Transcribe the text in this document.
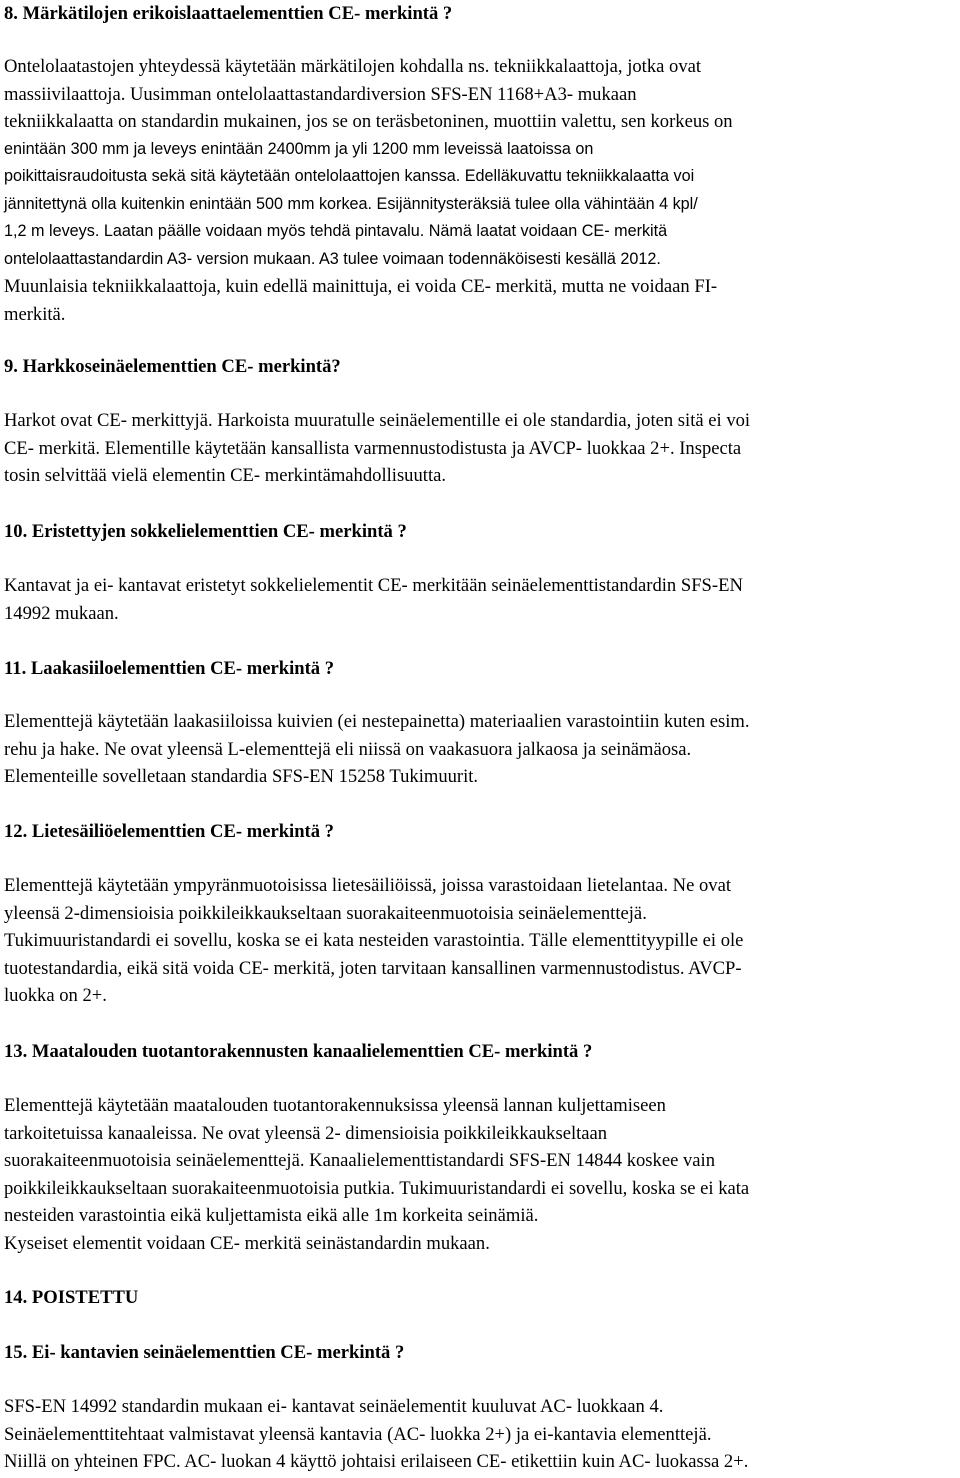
8. Märkätilojen erikoislaattaelementtien CE- merkintä ?
Ontelolaatastojen yhteydessä käytetään märkätilojen kohdalla ns. tekniikkalaattoja, jotka ovat
massiivilaattoja. Uusimman ontelolaattastandardiversion SFS-EN 1168+A3- mukaan
tekniikkalaatta on standardin mukainen, jos se on teräsbetoninen, muottiin valettu, sen korkeus on
enintään 300 mm ja leveys enintään 2400mm ja yli 1200 mm leveissä laatoissa on
poikittaisraudoitusta sekä sitä käytetään ontelolaattojen kanssa. Edelläkuvattu tekniikkalaatta voi
jännitettynä olla kuitenkin enintään 500 mm korkea. Esijännitysteräksiä tulee olla vähintään 4 kpl/
1,2 m leveys. Laatan päälle voidaan myös tehdä pintavalu. Nämä laatat voidaan CE- merkitä
ontelolaattastandardin A3- version mukaan. A3 tulee voimaan todennäköisesti kesällä 2012.
Muunlaisia tekniikkalaattoja, kuin edellä mainittuja, ei voida CE- merkitä, mutta ne voidaan FI-
merkitä.
9. Harkkoseinäelementtien CE- merkintä?
Harkot ovat CE- merkittyjä. Harkoista muuratulle seinäelementille ei ole standardia, joten sitä ei voi
CE- merkitä. Elementille käytetään kansallista varmennustodistusta ja AVCP- luokkaa 2+. Inspecta
tosin selvittää vielä elementin CE- merkintämahdollisuutta.
10. Eristettyjen sokkelielementtien CE- merkintä ?
Kantavat ja ei- kantavat eristetyt sokkelielementit CE- merkitään seinäelementtistandardin SFS-EN
14992 mukaan.
11. Laakasiiloelementtien CE- merkintä ?
Elementtejä käytetään laakasiiloissa kuivien (ei nestepainetta) materiaalien varastointiin kuten esim.
rehu ja hake. Ne ovat yleensä L-elementtejä eli niissä on vaakasuora jalkaosa ja seinämäosa.
Elementeille sovelletaan standardia SFS-EN 15258 Tukimuurit.
12. Lietesäiliöelementtien CE- merkintä ?
Elementtejä käytetään ympyränmuotoisissa lietesäiliöissä, joissa varastoidaan lietelantaa. Ne ovat
yleensä 2-dimensioisia poikkileikkaukseltaan suorakaiteenmuotoisia seinäelementtejä.
Tukimuuristandardi ei sovellu, koska se ei kata nesteiden varastointia. Tälle elementtityypille ei ole
tuotestandardia, eikä sitä voida CE- merkitä, joten tarvitaan kansallinen varmennustodistus. AVCP-
luokka on 2+.
13. Maatalouden tuotantorakennusten kanaalielementtien CE- merkintä ?
Elementtejä käytetään maatalouden tuotantorakennuksissa yleensä lannan kuljettamiseen
tarkoitetuissa kanaaleissa. Ne ovat yleensä 2- dimensioisia poikkileikkaukseltaan
suorakaiteenmuotoisia seinäelementtejä. Kanaalielementtistandardi SFS-EN 14844 koskee vain
poikkileikkaukseltaan suorakaiteenmuotoisia putkia. Tukimuuristandardi ei sovellu, koska se ei kata
nesteiden varastointia eikä kuljettamista eikä alle 1m korkeita seinämiä.
Kyseiset elementit voidaan CE- merkitä seinästandardin mukaan.
14. POISTETTU
15. Ei- kantavien seinäelementtien CE- merkintä ?
SFS-EN 14992 standardin mukaan ei- kantavat seinäelementit kuuluvat AC- luokkaan 4.
Seinäelementtitehtaat valmistavat yleensä kantavia (AC- luokka 2+) ja ei-kantavia elementtejä.
Niillä on yhteinen FPC. AC- luokan 4 käyttö johtaisi erilaiseen CE- etikettiin kuin AC- luokassa 2+.
